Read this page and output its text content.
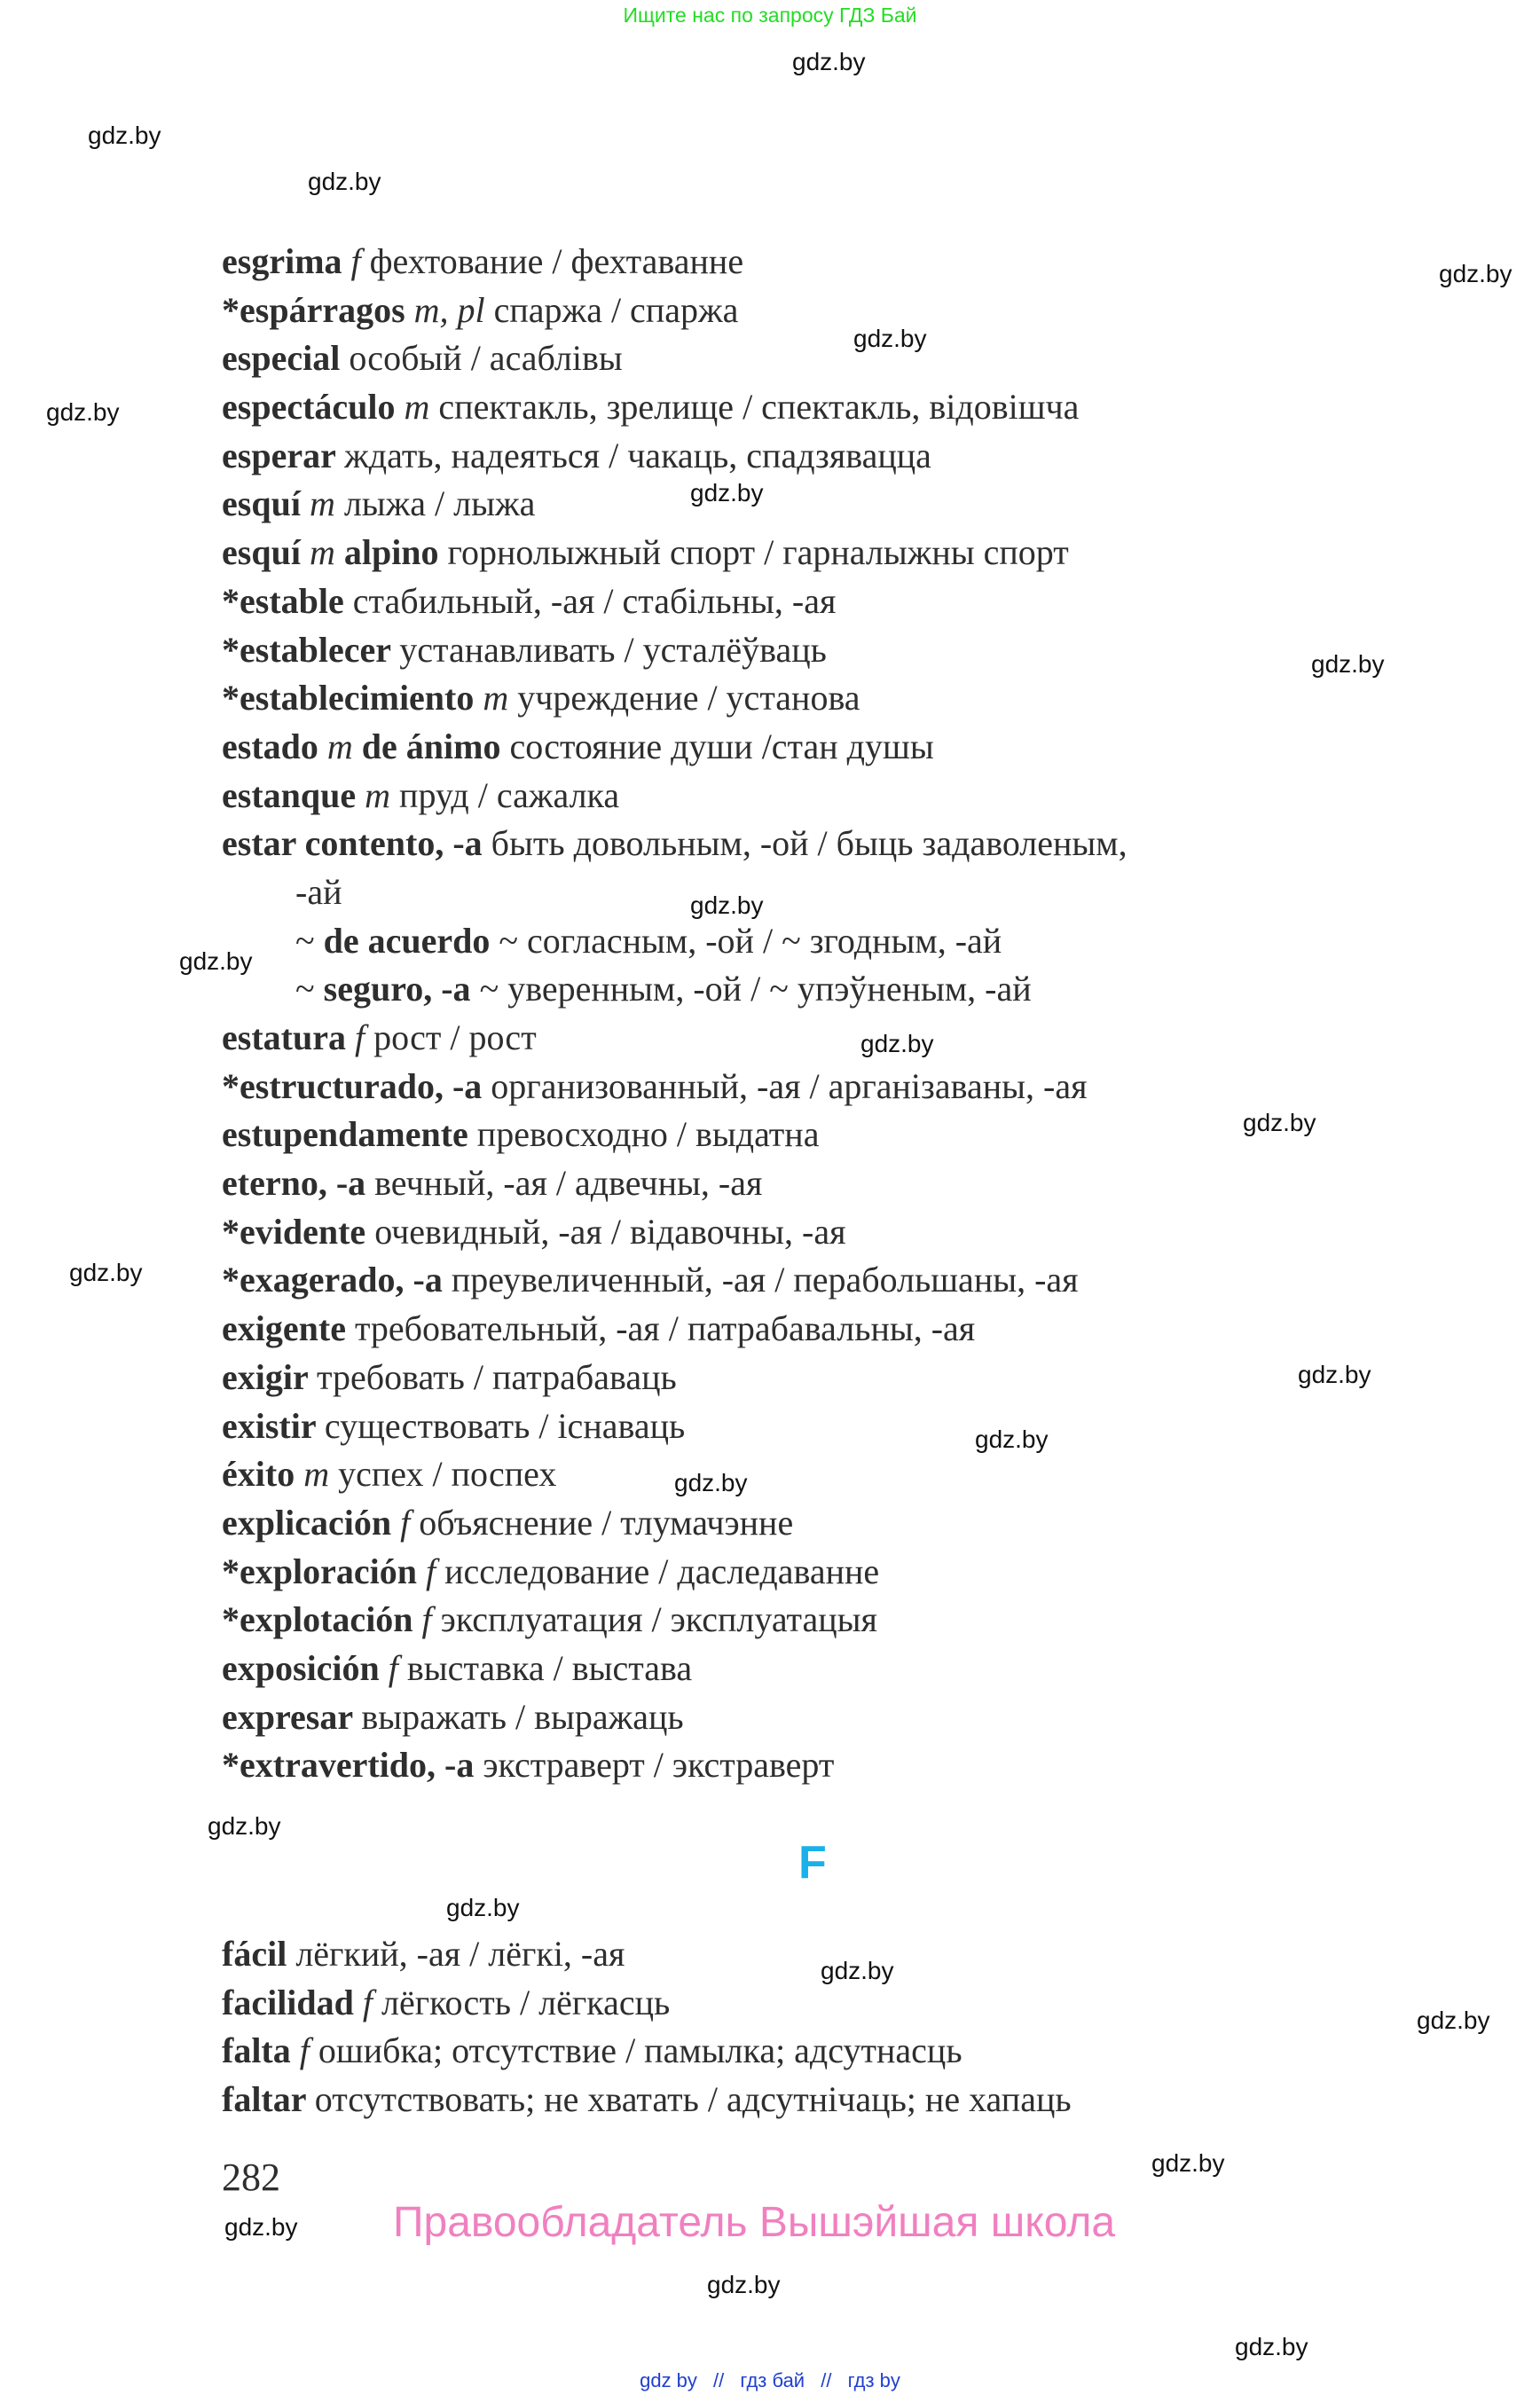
Ищите нас по запросу ГДЗ Бай
gdz.by
gdz.by
gdz.by
gdz.by
gdz.by
gdz.by
gdz.by
gdz.by
gdz.by
gdz.by
gdz.by
gdz.by
gdz.by
gdz.by
gdz.by
gdz.by
gdz.by
gdz.by
gdz.by
gdz.by
gdz.by
gdz.by
gdz.by
gdz.by
esgrima f фехтование / фехтаванне
*espárragos m, pl спаржа / спаржа
especial особый / асаблівы
espectáculo m спектакль, зрелище / спектакль, відовішча
esperar ждать, надеяться / чакаць, спадзявацца
esquí m лыжа / лыжа
esquí m alpino горнолыжный спорт / гарналыжны спорт
*estable стабильный, -ая / стабільны, -ая
*establecer устанавливать / усталёўваць
*establecimiento m учреждение / установа
estado m de ánimo состояние души /стан душы
estanque m пруд / сажалка
estar contento, -a быть довольным, -ой / быць задаволеным,
-ай
~ de acuerdo ~ согласным, -ой / ~ згодным, -ай
~ seguro, -a ~ уверенным, -ой / ~ упэўненым, -ай
estatura f рост / рост
*estructurado, -a организованный, -ая / арганізаваны, -ая
estupendamente превосходно / выдатна
eterno, -a вечный, -ая / адвечны, -ая
*evidente очевидный, -ая / відавочны, -ая
*exagerado, -a преувеличенный, -ая / перабольшаны, -ая
exigente требовательный, -ая / патрабавальны, -ая
exigir требовать / патрабаваць
existir существовать / існаваць
éxito m успех / поспех
explicación f объяснение / тлумачэнне
*exploración f исследование / даследаванне
*explotación f эксплуатация / эксплуатацыя
exposición f выставка / выстава
expresar выражать / выражаць
*extravertido, -a экстраверт / экстраверт
F
fácil лёгкий, -ая / лёгкі, -ая
facilidad f лёгкость / лёгкасць
falta f ошибка; отсутствие / памылка; адсутнасць
faltar отсутствовать; не хватать / адсутнічаць; не хапаць
282
Правообладатель Вышэйшая школа
gdz by // гдз бай // гдз by
